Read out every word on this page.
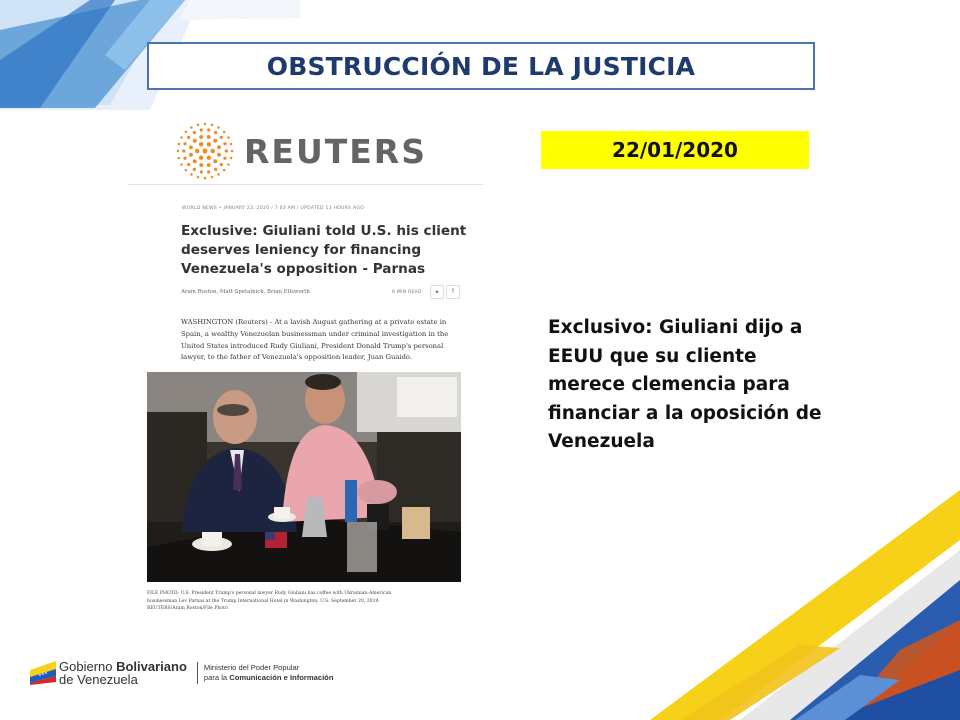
OBSTRUCCIÓN DE LA JUSTICIA
22/01/2020
Exclusivo: Giuliani dijo a EEUU que su cliente merece clemencia para financiar a la oposición de Venezuela
REUTERS
WORLD NEWS • JANUARY 22, 2020 / 7:03 AM / UPDATED 13 HOURS AGO
Exclusive: Giuliani told U.S. his client deserves leniency for financing Venezuela's opposition - Parnas
Aram Roston, Matt Spetalnick, Brian Ellsworth	6 MIN READ ✦ f
WASHINGTON (Reuters) - At a lavish August gathering at a private estate in Spain, a wealthy Venezuelan businessman under criminal investigation in the United States introduced Rudy Giuliani, President Donald Trump's personal lawyer, to the father of Venezuela's opposition leader, Juan Guaido.
FILE PHOTO: U.S. President Trump's personal lawyer Rudy Giuliani has coffee with Ukrainian-American businessman Lev Parnas at the Trump International Hotel in Washington, U.S. September 20, 2019. REUTERS/Aram Roston/File Photo
Gobierno Bolivariano
de Venezuela
Ministerio del Poder Popular
para la Comunicación e Información
